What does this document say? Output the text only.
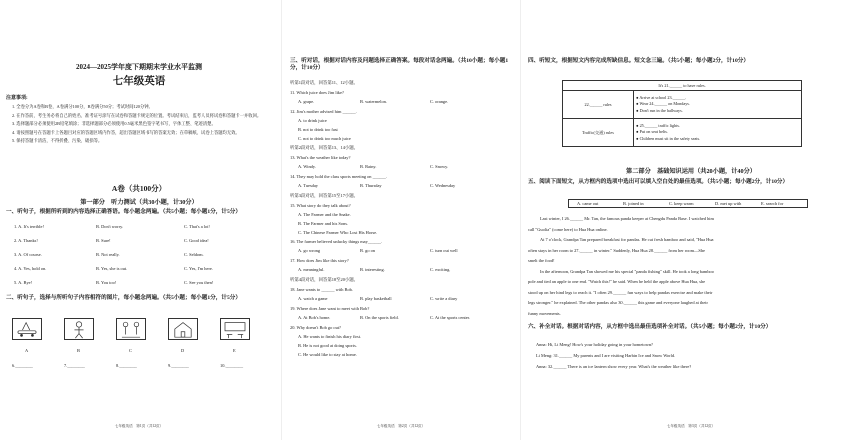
2024—2025学年度下期期末学业水平监测
七年级英语
注意事项:
1. 全卷分为A卷和B卷，A卷满分100分，B卷满分50分；考试时间120分钟。
2. 在作答前，考生务必将自己的姓名、准考证号涂写在试卷和答题卡规定的位置。考试结束后，监考人员将试卷和答题卡一并收回。
3. 选择题部分必须使用2B铅笔填涂；非选择题部分必须使用0.5毫米黑色签字笔书写，字体工整、笔迹清楚。
4. 请按照题号在答题卡上各题目对应的答题区域内作答，超出答题区域书写的答案无效；在草稿纸、试卷上答题均无效。
5. 保持答题卡清洁，不得折叠、污染、破损等。
A卷（共100分）
第一部分　听力测试（共30小题，计30分）
一、听句子，根据所听到的内容选择正确答语。每小题念两遍。（共5小题；每小题1分，计5分）
1. A. It's terrible!	B. Don't worry.	C. That's a lot!
2. A. Thanks!	B. Sure!	C. Good idea!
3. A. Of course.	B. Not really.	C. Seldom.
4. A. Yes, hold on.	B. Yes, she is out.	C. Yes, I'm here.
5. A. Bye!	B. You too!	C. See you then!
二、听句子，选择与所听句子内容相符的图片，每小题念两遍。（共5小题；每小题1分，计5分）
A	B	C	D	E
6.________	7.________	8.________	9.________	10.________
七年级英语　第1页（共12页）
三、听对话，根据对话内容及问题选择正确答案。每段对话念两遍。（共10小题；每小题1分，计10分）
听第1段对话，回答第11、12小题。
11. Which juice does Jim like?
A. grape.	B. watermelon.	C. orange.
12. Jim's mother advised him ______.
A. to drink juice
B. not to drink too fast
C. not to drink too much juice
听第2段对话，回答第13、14小题。
13. What's the weather like today?
A. Windy.	B. Rainy.	C. Snowy.
14. They may hold the class sports meeting on ______.
A. Tuesday	B. Thursday	C. Wednesday
听第3段对话，回答第15至17小题。
15. What story do they talk about?
A. The Farmer and the Snake.
B. The Farmer and his Sons.
C. The Chinese Farmer Who Lost His Horse.
16. The farmer believed unlucky things may______.
A. go wrong	B. go on	C. turn out well
17. How does Jim like this story?
A. meaningful.	B. interesting.	C. exciting.
听第4段对话，回答第18至20小题。
18. Jane wants to ______ with Bob.
A. watch a game	B. play basketball	C. write a diary
19. Where does Jane want to meet with Bob?
A. At Bob's home.	B. On the sports field.	C. At the sports center.
20. Why doesn't Bob go out?
A. He wants to finish his diary first.
B. He is not good at doing sports.
C. He would like to stay at home.
七年级英语　第2页（共12页）
四、听短文，根据短文内容完成所缺信息。短文念三遍。（共5小题；每小题2分，计10分）
It's 21.______ to have rules.	
22.______ rules	● Arrive at school 23.______.
● Wear 24.______ on Mondays.
● Don't run in the hallways.

Traffic(交通) rules	● 25.______ traffic lights.
● Put on seat belts.
● Children must sit in the safety seats.
第二部分　基础知识运用（共20小题，计40分）
五、阅读下面短文，从方框内的选项中选出可以填入空白处的最佳选项。（共5小题；每小题2分，计10分）
A. came out	B. joined in	C. keep warm	D. met up with	E. search for
Last winter, I 26.______ Mr. Tan, the famous panda keeper at Chengdu Panda Base. I watched him
call "Guolia" (come here) to Hua Hua online.
At 7 o'clock, Grandpa Tan prepared breakfast for pandas. He cut fresh bamboo and said, "Hua Hua
often stays in her room to 27.______ in winter." Suddenly, Hua Hua 28.______ from her room—She
smelt the food!
In the afternoon, Grandpa Tan showed me his special "panda fishing" skill. He took a long bamboo
pole and tied an apple to one end. "Watch this!" he said. When he held the apple above Hua Hua, she
stood up on her hind legs to reach it. "I often 29.______ fun ways to help pandas exercise and make their
legs stronger." he explained. The other pandas also 30.______ this game and everyone laughed at their
funny movements.
六、补全对话。根据对话内容，从方框中选出最佳选项补全对话。（共5小题；每小题2分，计10分）
Anna: Hi, Li Meng! How's your holiday going in your hometown?
Li Meng: 31.______ My parents and I are visiting Harbin Ice and Snow World.
Anna: 32.______ There is an ice lantern show every year. What's the weather like there?
七年级英语　第3页（共12页）
